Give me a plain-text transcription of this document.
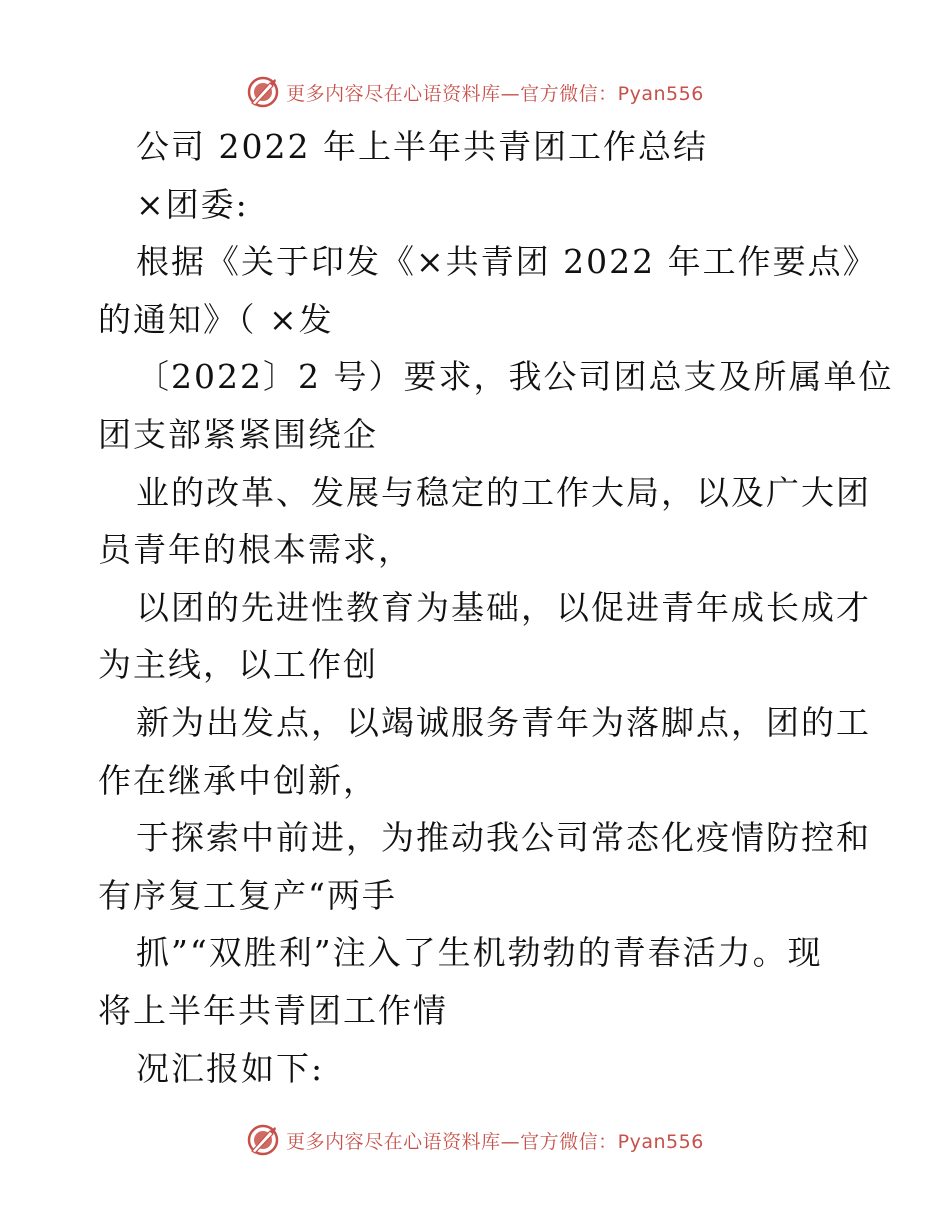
更多内容尽在心语资料库—官方微信：Pyan556
公司 2022 年上半年共青团工作总结
×团委:
根据《关于印发《×共青团 2022 年工作要点》
的通知》（ ×发
〔2022〕2 号）要求，我公司团总支及所属单位
团支部紧紧围绕企
业的改革、发展与稳定的工作大局，以及广大团
员青年的根本需求，
以团的先进性教育为基础，以促进青年成长成才
为主线，以工作创
新为出发点，以竭诚服务青年为落脚点，团的工
作在继承中创新，
于探索中前进，为推动我公司常态化疫情防控和
有序复工复产“两手
抓”“双胜利”注入了生机勃勃的青春活力。现
将上半年共青团工作情
况汇报如下:
更多内容尽在心语资料库—官方微信：Pyan556
